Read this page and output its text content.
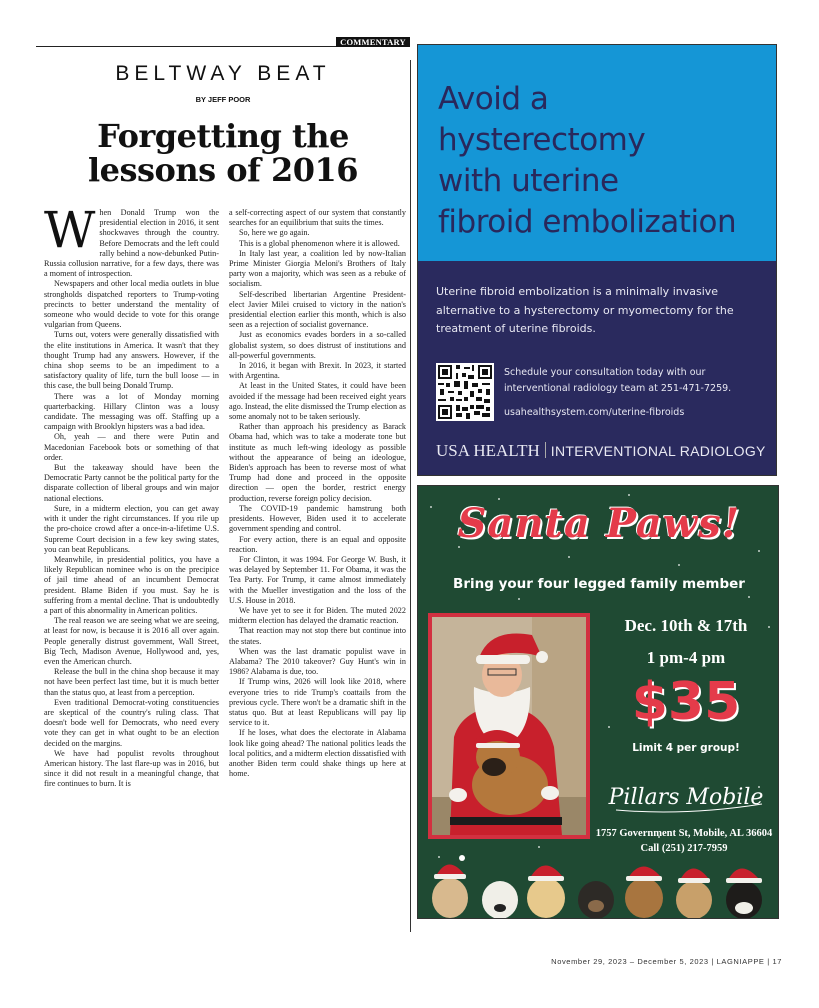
COMMENTARY
BELTWAY BEAT
BY JEFF POOR
Forgetting the
lessons of 2016

When Donald Trump won the presidential election in 2016, it sent shockwaves through the country. Before Democrats and the left could rally behind a now-debunked Putin-Russia collusion narrative, for a few days, there was a moment of introspection.

Newspapers and other local media outlets in blue strongholds dispatched reporters to Trump-voting precincts to better understand the mentality of someone who would decide to vote for this orange vulgarian from Queens.

Turns out, voters were generally dissatisfied with the elite institutions in America. It wasn't that they thought Trump had any answers. However, if the china shop seems to be an impediment to a satisfactory quality of life, turn the bull loose — in this case, the bull being Donald Trump.

There was a lot of Monday morning quarterbacking. Hillary Clinton was a lousy candidate. The messaging was off. Staffing up a campaign with Brooklyn hipsters was a bad idea.

Oh, yeah — and there were Putin and Macedonian Facebook bots or something of that order.

But the takeaway should have been the Democratic Party cannot be the political party for the disparate collection of liberal groups and win major national elections.

Sure, in a midterm election, you can get away with it under the right circumstances. If you rile up the pro-choice crowd after a once-in-a-lifetime U.S. Supreme Court decision in a few key swing states, you can beat Republicans.

Meanwhile, in presidential politics, you have a likely Republican nominee who is on the precipice of jail time ahead of an incumbent Democrat president. Blame Biden if you must. Say he is suffering from a mental decline. That is undoubtedly a part of this abnormality in American politics.

The real reason we are seeing what we are seeing, at least for now, is because it is 2016 all over again. People generally distrust government, Wall Street, Big Tech, Madison Avenue, Hollywood and, yes, even the American church.

Release the bull in the china shop because it may not have been perfect last time, but it is much better than the status quo, at least from a perception.

Even traditional Democrat-voting constituencies are skeptical of the country's ruling class. That doesn't bode well for Democrats, who need every vote they can get in what ought to be an election decided on the margins.

We have had populist revolts throughout American history. The last flare-up was in 2016, but since it did not result in a meaningful change, that fire continues to burn. It is

a self-correcting aspect of our system that constantly searches for an equilibrium that suits the times.

So, here we go again.

This is a global phenomenon where it is allowed.

In Italy last year, a coalition led by now-Italian Prime Minister Giorgia Meloni's Brothers of Italy party won a majority, which was seen as a rebuke of socialism.

Self-described libertarian Argentine President-elect Javier Milei cruised to victory in the nation's presidential election earlier this month, which is also seen as a rejection of socialist governance.

Just as economics evades borders in a so-called globalist system, so does distrust of institutions and all-powerful governments.

In 2016, it began with Brexit. In 2023, it started with Argentina.

At least in the United States, it could have been avoided if the message had been received eight years ago. Instead, the elite dismissed the Trump election as some anomaly not to be taken seriously.

Rather than approach his presidency as Barack Obama had, which was to take a moderate tone but institute as much left-wing ideology as possible without the appearance of being an ideologue, Biden's approach has been to reverse most of what Trump had done and proceed in the opposite direction — open the border, restrict energy production, reverse foreign policy decision.

The COVID-19 pandemic hamstrung both presidents. However, Biden used it to accelerate government spending and control.

For every action, there is an equal and opposite reaction.

For Clinton, it was 1994. For George W. Bush, it was delayed by September 11. For Obama, it was the Tea Party. For Trump, it came almost immediately with the Mueller investigation and the loss of the U.S. House in 2018.

We have yet to see it for Biden. The muted 2022 midterm election has delayed the dramatic reaction.

That reaction may not stop there but continue into the states.

When was the last dramatic populist wave in Alabama? The 2010 takeover? Guy Hunt's win in 1986? Alabama is due, too.

If Trump wins, 2026 will look like 2018, where everyone tries to ride Trump's coattails from the previous cycle. There won't be a dramatic shift in the status quo. But at least Republicans will pay lip service to it.

If he loses, what does the electorate in Alabama look like going ahead? The national politics leads the local politics, and a midterm election dissatisfied with another Biden term could shake things up here at home.

Avoid a
hysterectomy
with uterine
fibroid embolization
Uterine fibroid embolization is a minimally invasive alternative to a hysterectomy or myomectomy for the treatment of uterine fibroids.
Schedule your consultation today with our interventional radiology team at 251-471-7259.
usahealthsystem.com/uterine-fibroids
USA HEALTH INTERVENTIONAL RADIOLOGY
Santa Paws!
Bring your four legged family member
Dec. 10th & 17th
1 pm-4 pm
$35
Limit 4 per group!
Pillars Mobile
1757 Government St, Mobile, AL 36604
Call (251) 217-7959
November 29, 2023 – December 5, 2023 | LAGNIAPPE | 17
